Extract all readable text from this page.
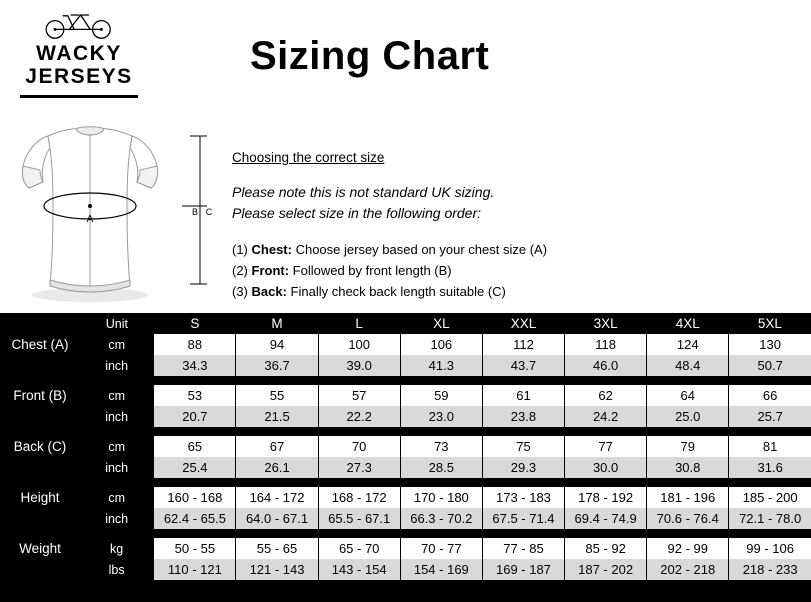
WACKY
JERSEYS	Sizing Chart
A
B C
Choosing the correct size

Please note this is not standard UK sizing.

Please select size in the following order:

(1) Chest: Choose jersey based on your chest size (A)
(2) Front: Followed by front length (B)
(3) Back: Finally check back length suitable (C)
	Unit	S	M	L	XL	XXL	3XL	4XL	5XL
Chest (A)	cm	88	94	100	106	112	118	124	130
	inch	34.3	36.7	39.0	41.3	43.7	46.0	48.4	50.7

Front (B)	cm	53	55	57	59	61	62	64	66
	inch	20.7	21.5	22.2	23.0	23.8	24.2	25.0	25.7

Back (C)	cm	65	67	70	73	75	77	79	81
	inch	25.4	26.1	27.3	28.5	29.3	30.0	30.8	31.6

Height	cm	160 - 168	164 - 172	168 - 172	170 - 180	173 - 183	178 - 192	181 - 196	185 - 200
	inch	62.4 - 65.5	64.0 - 67.1	65.5 - 67.1	66.3 - 70.2	67.5 - 71.4	69.4 - 74.9	70.6 - 76.4	72.1 - 78.0

Weight	kg	50 - 55	55 - 65	65 - 70	70 - 77	77 - 85	85 - 92	92 - 99	99 - 106
	lbs	110 - 121	121 - 143	143 - 154	154 - 169	169 - 187	187 - 202	202 - 218	218 - 233
